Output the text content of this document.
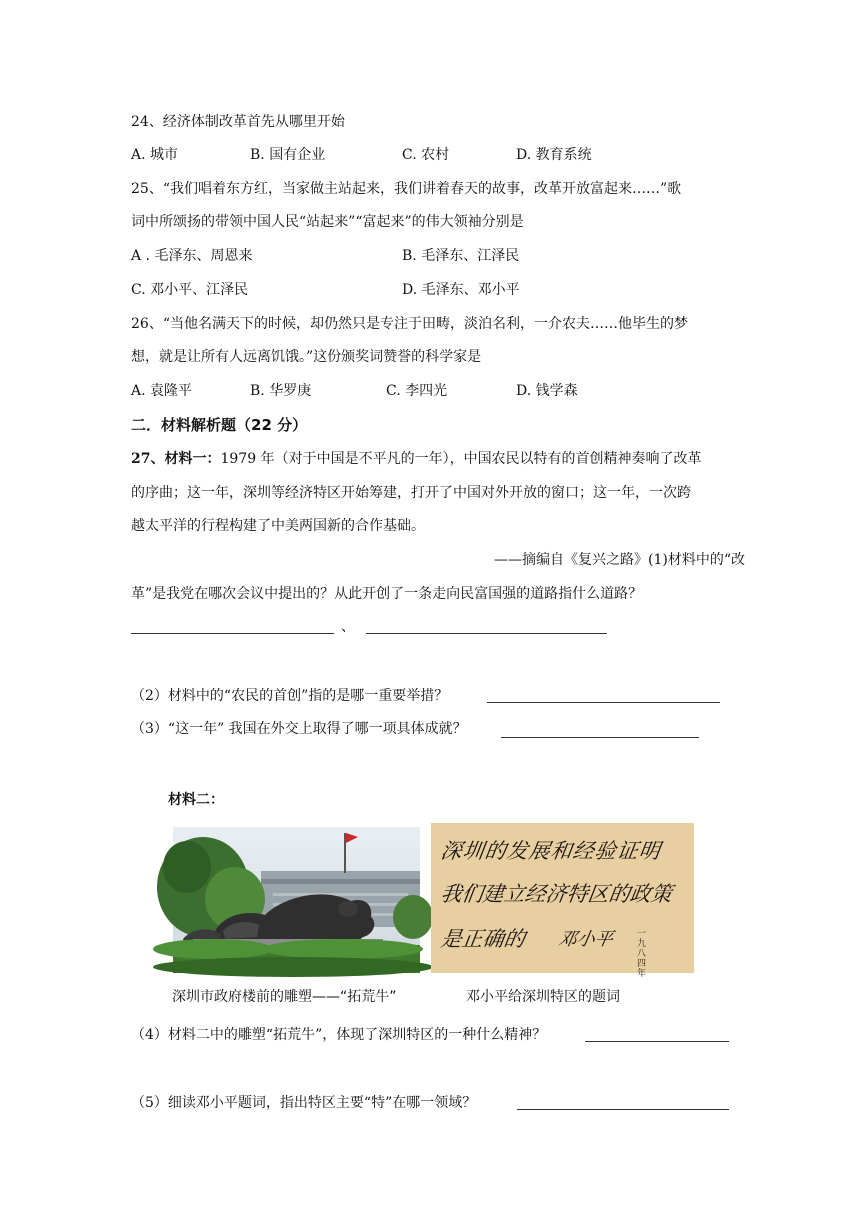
24、经济体制改革首先从哪里开始
A. 城市	B. 国有企业	C. 农村	D. 教育系统
25、“我们唱着东方红，当家做主站起来，我们讲着春天的故事，改革开放富起来……”歌
词中所颂扬的带领中国人民“站起来”“富起来”的伟大领袖分别是
A . 毛泽东、周恩来	B. 毛泽东、江泽民
C. 邓小平、江泽民	D. 毛泽东、邓小平
26、“当他名满天下的时候，却仍然只是专注于田畴，淡泊名利，一介农夫……他毕生的梦
想，就是让所有人远离饥饿。”这份颁奖词赞誉的科学家是
A. 袁隆平	B. 华罗庚	C. 李四光	D. 钱学森
二．材料解析题（22 分）
27、材料一：1979 年（对于中国是不平凡的一年），中国农民以特有的首创精神奏响了改革
的序曲；这一年，深圳等经济特区开始筹建，打开了中国对外开放的窗口；这一年，一次跨
越太平洋的行程构建了中美两国新的合作基础。
——摘编自《复兴之路》(1)材料中的“改
革”是我党在哪次会议中提出的？从此开创了一条走向民富国强的道路指什么道路？
、
（2）材料中的“农民的首创”指的是哪一重要举措？
（3）“这一年” 我国在外交上取得了哪一项具体成就？
材料二：
深圳的发展和经验证明
我们建立经济特区的政策
是正确的 邓小平 一九八四年
深圳市政府楼前的雕塑——“拓荒牛”	邓小平给深圳特区的题词
（4）材料二中的雕塑“拓荒牛”，体现了深圳特区的一种什么精神？
（5）细读邓小平题词，指出特区主要“特”在哪一领域？
